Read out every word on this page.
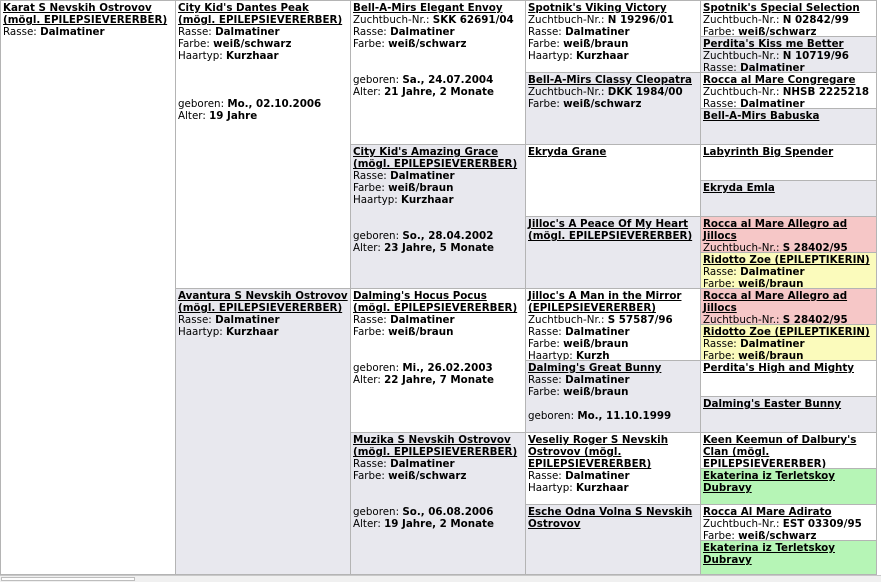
Karat S Nevskih Ostrovov (mögl. EPILEPSIEVERERBER)
Rasse: Dalmatiner
City Kid's Dantes Peak (mögl. EPILEPSIEVERERBER)
Rasse: Dalmatiner
Farbe: weiß/schwarz
Haartyp: Kurzhaar
geboren: Mo., 02.10.2006
Alter: 19 Jahre
Avantura S Nevskih Ostrovov (mögl. EPILEPSIEVERERBER)
Rasse: Dalmatiner
Haartyp: Kurzhaar
Bell-A-Mirs Elegant Envoy
Zuchtbuch-Nr.: SKK 62691/04
Rasse: Dalmatiner
Farbe: weiß/schwarz
geboren: Sa., 24.07.2004
Alter: 21 Jahre, 2 Monate
City Kid's Amazing Grace (mögl. EPILEPSIEVERERBER)
Rasse: Dalmatiner
Farbe: weiß/braun
Haartyp: Kurzhaar
geboren: So., 28.04.2002
Alter: 23 Jahre, 5 Monate
Dalming's Hocus Pocus (mögl. EPILEPSIEVERERBER)
Rasse: Dalmatiner
Farbe: weiß/braun
geboren: Mi., 26.02.2003
Alter: 22 Jahre, 7 Monate
Muzika S Nevskih Ostrovov (mögl. EPILEPSIEVERERBER)
Rasse: Dalmatiner
Farbe: weiß/schwarz
geboren: So., 06.08.2006
Alter: 19 Jahre, 2 Monate
Spotnik's Viking Victory
Zuchtbuch-Nr.: N 19296/01
Rasse: Dalmatiner
Farbe: weiß/braun
Haartyp: Kurzhaar
Bell-A-Mirs Classy Cleopatra
Zuchtbuch-Nr.: DKK 1984/00
Farbe: weiß/schwarz
Ekryda Grane
Jilloc's A Peace Of My Heart (mögl. EPILEPSIEVERERBER)
Jilloc's A Man in the Mirror (EPILEPSIEVERERBER)
Zuchtbuch-Nr.: S 57587/96
Rasse: Dalmatiner
Farbe: weiß/braun
Haartyp: Kurzh
Dalming's Great Bunny
Rasse: Dalmatiner
Farbe: weiß/braun
geboren: Mo., 11.10.1999
Veseliy Roger S Nevskih Ostrovov (mögl. EPILEPSIEVERERBER)
Rasse: Dalmatiner
Haartyp: Kurzhaar
Esche Odna Volna S Nevskih Ostrovov
Spotnik's Special Selection
Zuchtbuch-Nr.: N 02842/99
Farbe: weiß/schwarz
Perdita's Kiss me Better
Zuchtbuch-Nr.: N 10719/96
Rasse: Dalmatiner
Rocca al Mare Congregare
Zuchtbuch-Nr.: NHSB 2225218
Rasse: Dalmatiner
Bell-A-Mirs Babuska
Labyrinth Big Spender
Ekryda Emla
Rocca al Mare Allegro ad Jillocs
Zuchtbuch-Nr.: S 28402/95
Ridotto Zoe (EPILEPTIKERIN)
Rasse: Dalmatiner
Farbe: weiß/braun
Rocca al Mare Allegro ad Jillocs
Zuchtbuch-Nr.: S 28402/95
Ridotto Zoe (EPILEPTIKERIN)
Rasse: Dalmatiner
Farbe: weiß/braun
Perdita's High and Mighty
Dalming's Easter Bunny
Keen Keemun of Dalbury's Clan (mögl. EPILEPSIEVERERBER)
Ekaterina iz Terletskoy Dubravy
Rocca Al Mare Adirato
Zuchtbuch-Nr.: EST 03309/95
Farbe: weiß/schwarz
Ekaterina iz Terletskoy Dubravy
